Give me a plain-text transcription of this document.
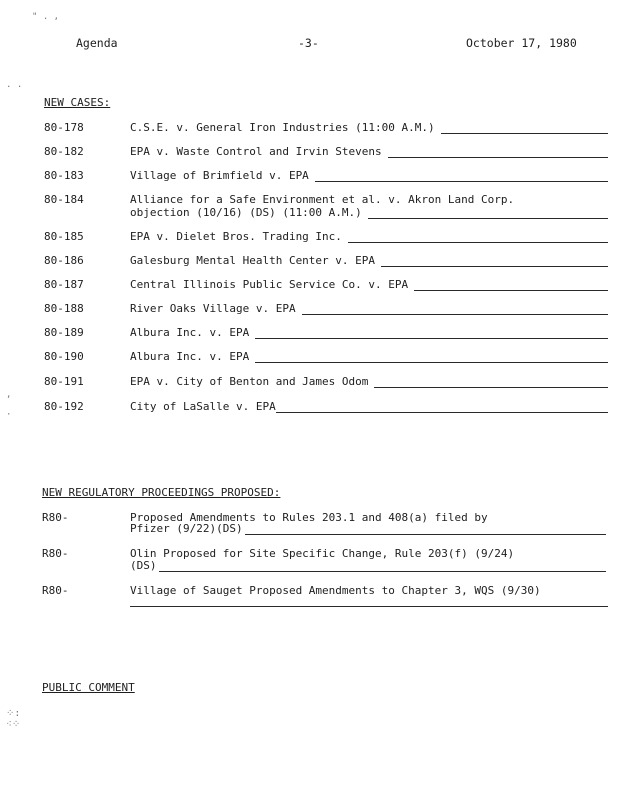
" . ,
. .
‚

·
⁘:
⁖⁘
Agenda	-3-	October 17, 1980
NEW CASES:
80-178	C.S.E. v. General Iron Industries (11:00 A.M.)
80-182	EPA v. Waste Control and Irvin Stevens
80-183	Village of Brimfield v. EPA
80-184	Alliance for a Safe Environment et al. v. Akron Land Corp.
objection (10/16) (DS) (11:00 A.M.)
80-185	EPA v. Dielet Bros. Trading Inc.
80-186	Galesburg Mental Health Center v. EPA
80-187	Central Illinois Public Service Co. v. EPA
80-188	River Oaks Village v. EPA
80-189	Albura Inc. v. EPA
80-190	Albura Inc. v. EPA
80-191	EPA v. City of Benton and James Odom
80-192	City of LaSalle v. EPA
NEW REGULATORY PROCEEDINGS PROPOSED:
R80-	Proposed Amendments to Rules 203.1 and 408(a) filed by
Pfizer (9/22)(DS)
R80-	Olin Proposed for Site Specific Change, Rule 203(f) (9/24)
(DS)
R80-	Village of Sauget Proposed Amendments to Chapter 3, WQS (9/30)
PUBLIC COMMENT
